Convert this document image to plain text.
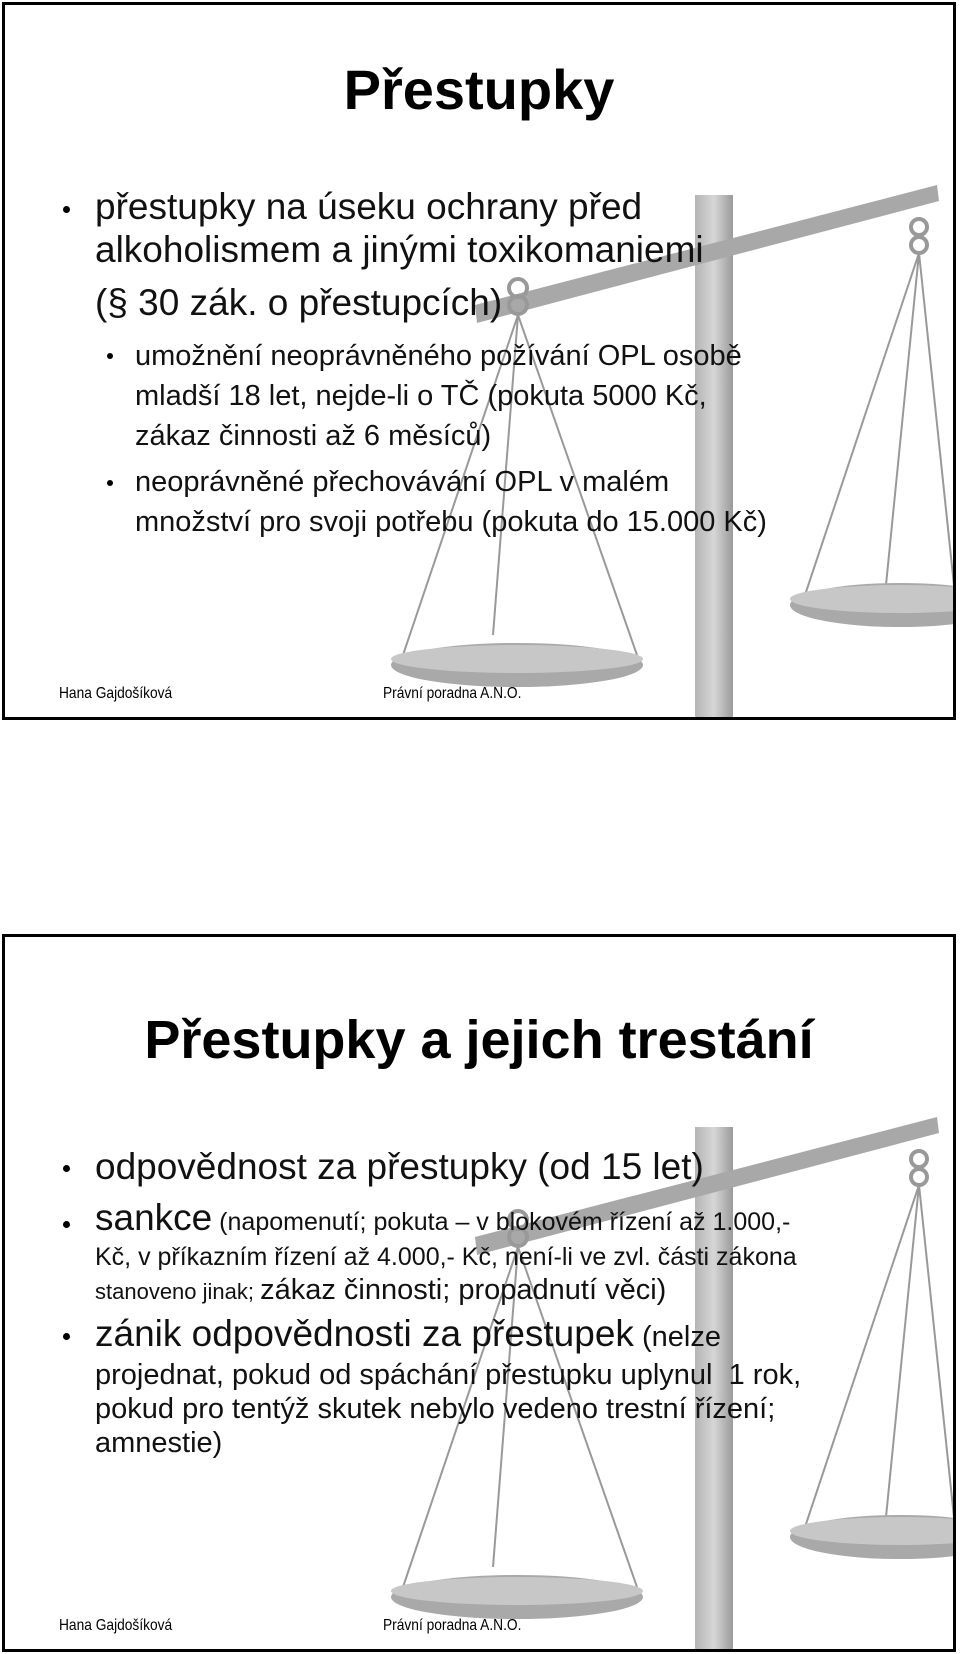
Přestupky
přestupky na úseku ochrany před
alkoholismem a jinými toxikomaniemi
(§ 30 zák. o přestupcích)
umožnění neoprávněného požívání OPL osobě
mladší 18 let, nejde-li o TČ (pokuta 5000 Kč,
zákaz činnosti až 6 měsíců)
neoprávněné přechovávání OPL v malém
množství pro svoji potřebu (pokuta do 15.000 Kč)
Hana Gajdošíková	Právní poradna A.N.O.
Přestupky a jejich trestání
odpovědnost za přestupky (od 15 let)
sankce (napomenutí; pokuta – v blokovém řízení až 1.000,-
Kč, v příkazním řízení až 4.000,- Kč, není-li ve zvl. části zákona
stanoveno jinak; zákaz činnosti; propadnutí věci)
zánik odpovědnosti za přestupek (nelze
projednat, pokud od spáchání přestupku uplynul  1 rok,
pokud pro tentýž skutek nebylo vedeno trestní řízení;
amnestie)
Hana Gajdošíková	Právní poradna A.N.O.
